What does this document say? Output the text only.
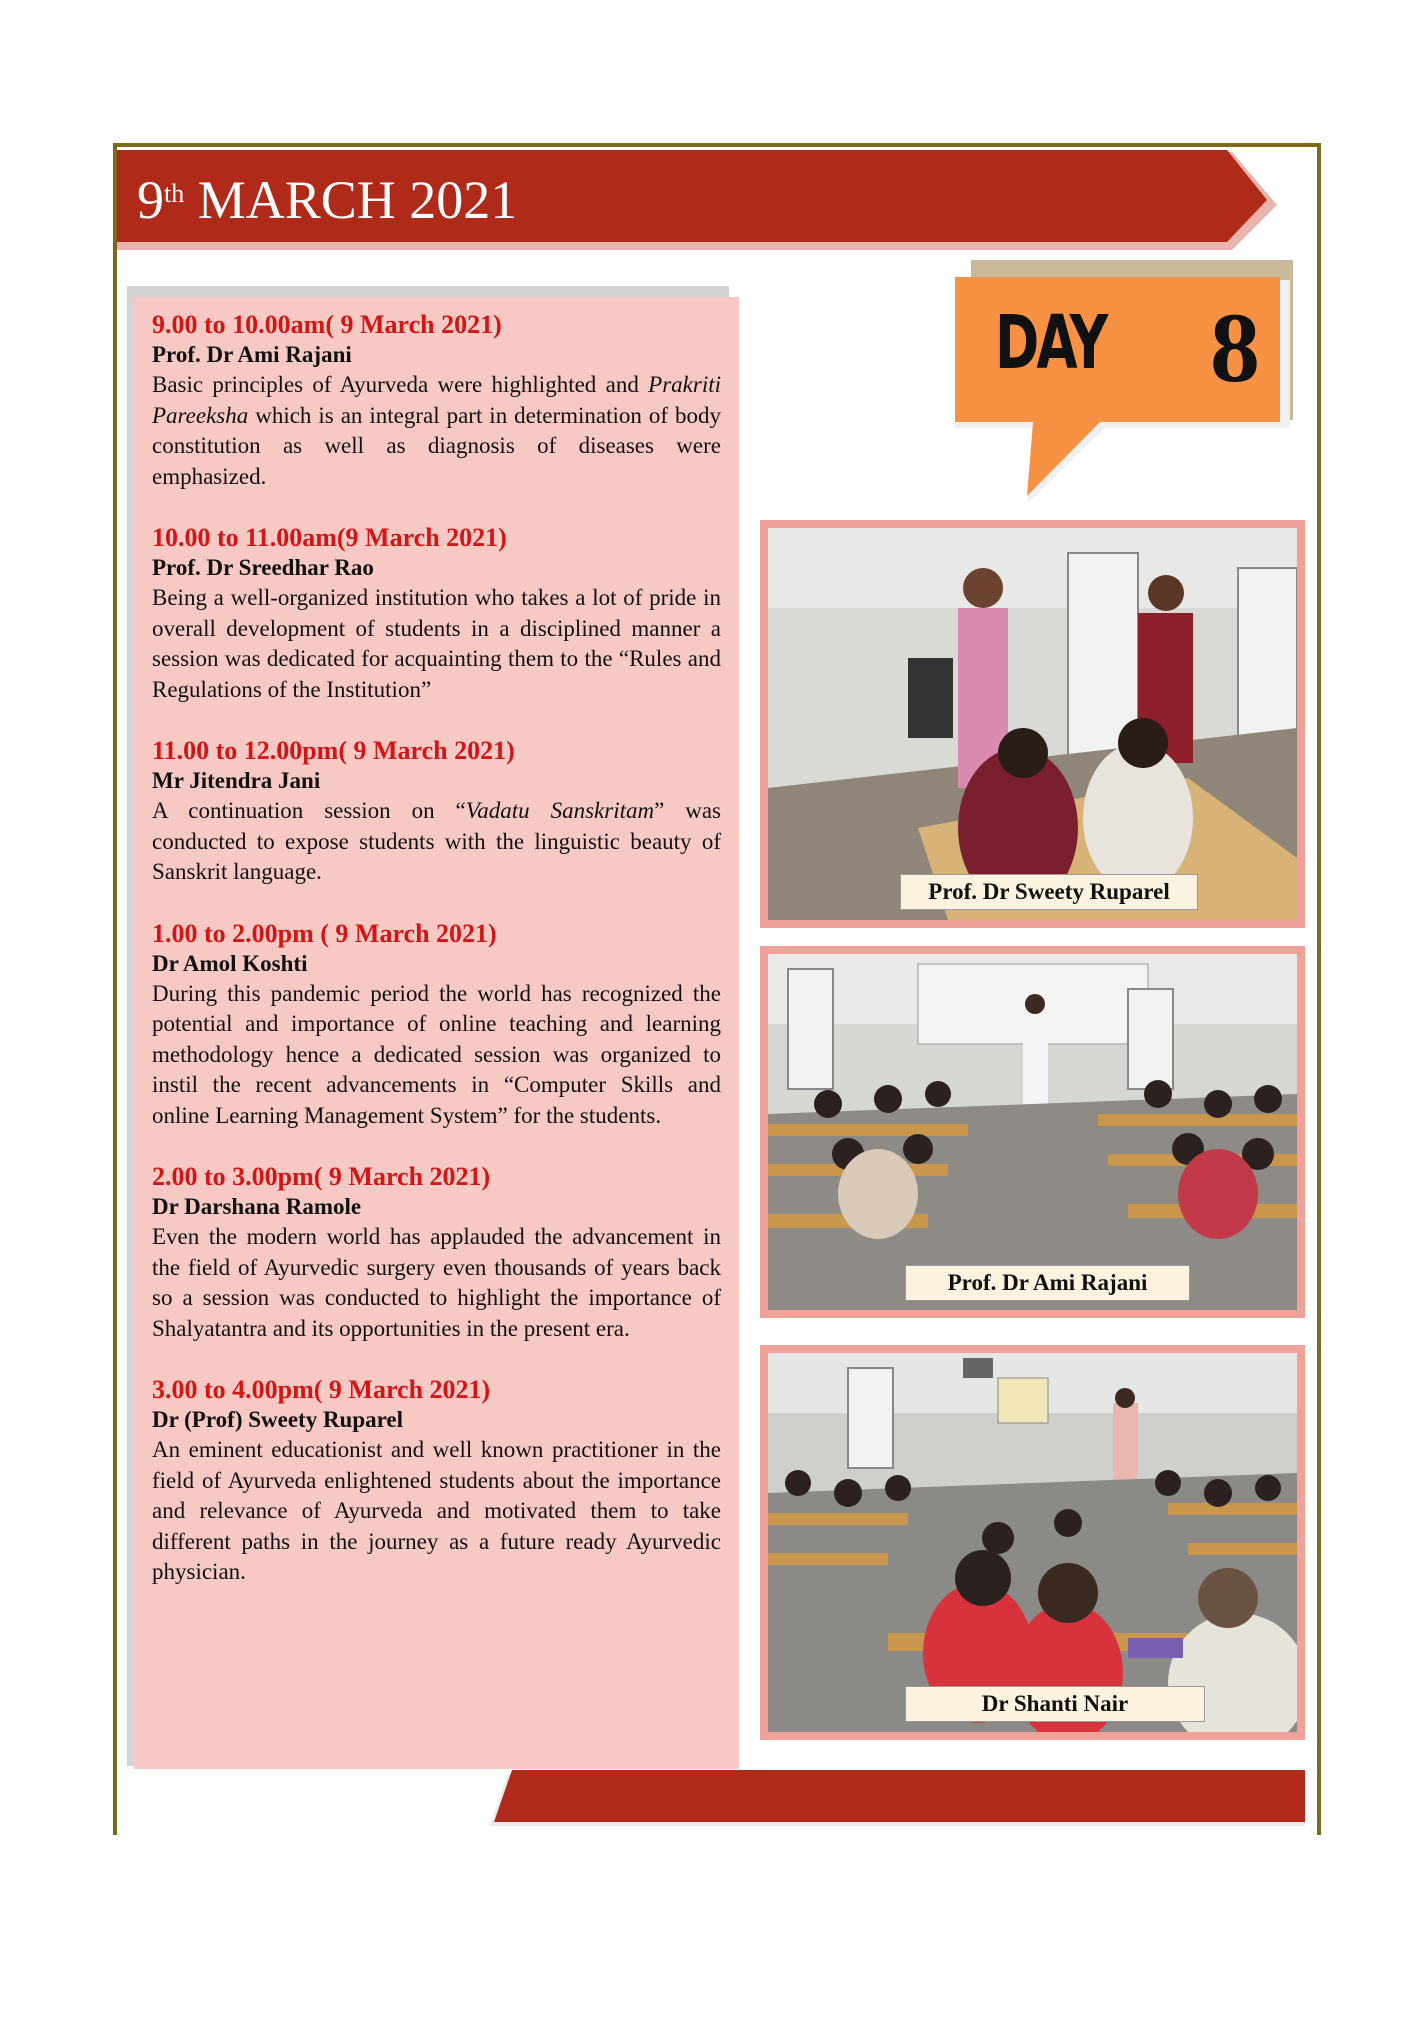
9th MARCH 2021
DAY 8
9.00 to 10.00am( 9 March 2021)
Prof. Dr Ami Rajani
Basic principles of Ayurveda were highlighted and Prakriti Pareeksha which is an integral part in determination of body constitution as well as diagnosis of diseases were emphasized.
10.00 to 11.00am(9 March 2021)
Prof. Dr Sreedhar Rao
Being a well-organized institution who takes a lot of pride in overall development of students in a disciplined manner a session was dedicated for acquainting them to the “Rules and Regulations of the Institution”
11.00 to 12.00pm( 9 March 2021)
Mr Jitendra Jani
A continuation session on “Vadatu Sanskritam” was conducted to expose students with the linguistic beauty of Sanskrit language.
1.00 to 2.00pm ( 9 March 2021)
Dr Amol Koshti
During this pandemic period the world has recognized the potential and importance of online teaching and learning methodology hence a dedicated session was organized to instil the recent advancements in “Computer Skills and online Learning Management System” for the students.
2.00 to 3.00pm( 9 March 2021)
Dr Darshana Ramole
Even the modern world has applauded the advancement in the field of Ayurvedic surgery even thousands of years back so a session was conducted to highlight the importance of Shalyatantra and its opportunities in the present era.
3.00 to 4.00pm( 9 March 2021)
Dr (Prof) Sweety Ruparel
An eminent educationist and well known practitioner in the field of Ayurveda enlightened students about the importance and relevance of Ayurveda and motivated them to take different paths in the journey as a future ready Ayurvedic physician.
Prof. Dr Sweety Ruparel
Prof. Dr Ami Rajani
Dr Shanti Nair
